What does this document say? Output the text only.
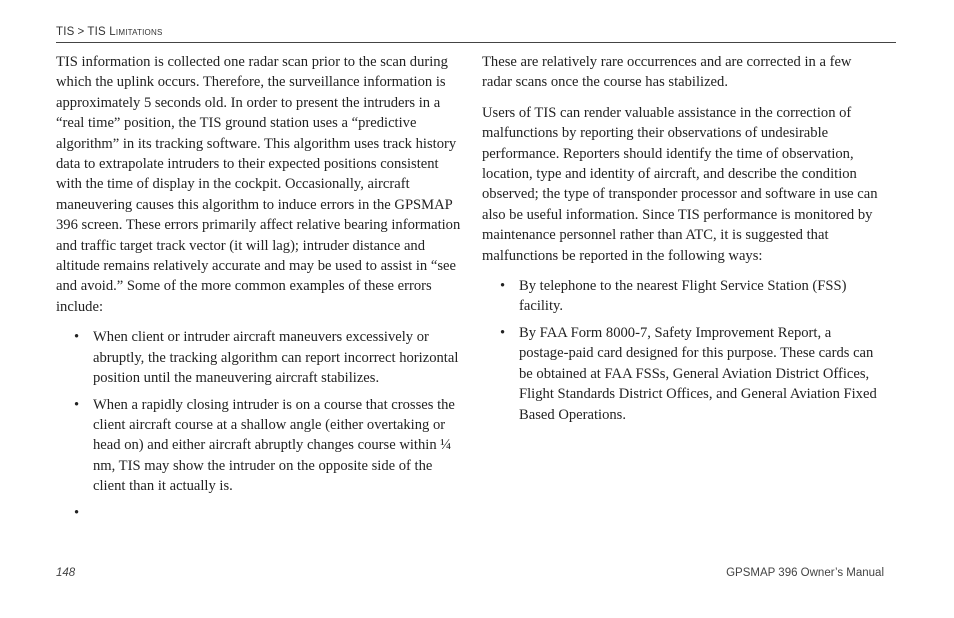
TIS > TIS Limitations

TIS information is collected one radar scan prior to the scan during which the uplink occurs. Therefore, the surveillance information is approximately 5 seconds old. In order to present the intruders in a “real time” position, the TIS ground station uses a “predictive algorithm” in its tracking software. This algorithm uses track history data to extrapolate intruders to their expected positions consistent with the time of display in the cockpit. Occasionally, aircraft maneuvering causes this algorithm to induce errors in the GPSMAP 396 screen. These errors primarily affect relative bearing information and traffic target track vector (it will lag); intruder distance and altitude remains relatively accurate and may be used to assist in “see and avoid.” Some of the more common examples of these errors include:

• When client or intruder aircraft maneuvers excessively or abruptly, the tracking algorithm can report incorrect horizontal position until the maneuvering aircraft stabilizes.
• When a rapidly closing intruder is on a course that crosses the client aircraft course at a shallow angle (either overtaking or head on) and either aircraft abruptly changes course within ¼ nm, TIS may show the intruder on the opposite side of the client than it actually is.
•

These are relatively rare occurrences and are corrected in a few radar scans once the course has stabilized.

Users of TIS can render valuable assistance in the correction of malfunctions by reporting their observations of undesirable performance. Reporters should identify the time of observation, location, type and identity of aircraft, and describe the condition observed; the type of transponder processor and software in use can also be useful information. Since TIS performance is monitored by maintenance personnel rather than ATC, it is suggested that malfunctions be reported in the following ways:

• By telephone to the nearest Flight Service Station (FSS) facility.
• By FAA Form 8000-7, Safety Improvement Report, a postage-paid card designed for this purpose. These cards can be obtained at FAA FSSs, General Aviation District Offices, Flight Standards District Offices, and General Aviation Fixed Based Operations.
148	GPSMAP 396 Owner’s Manual
